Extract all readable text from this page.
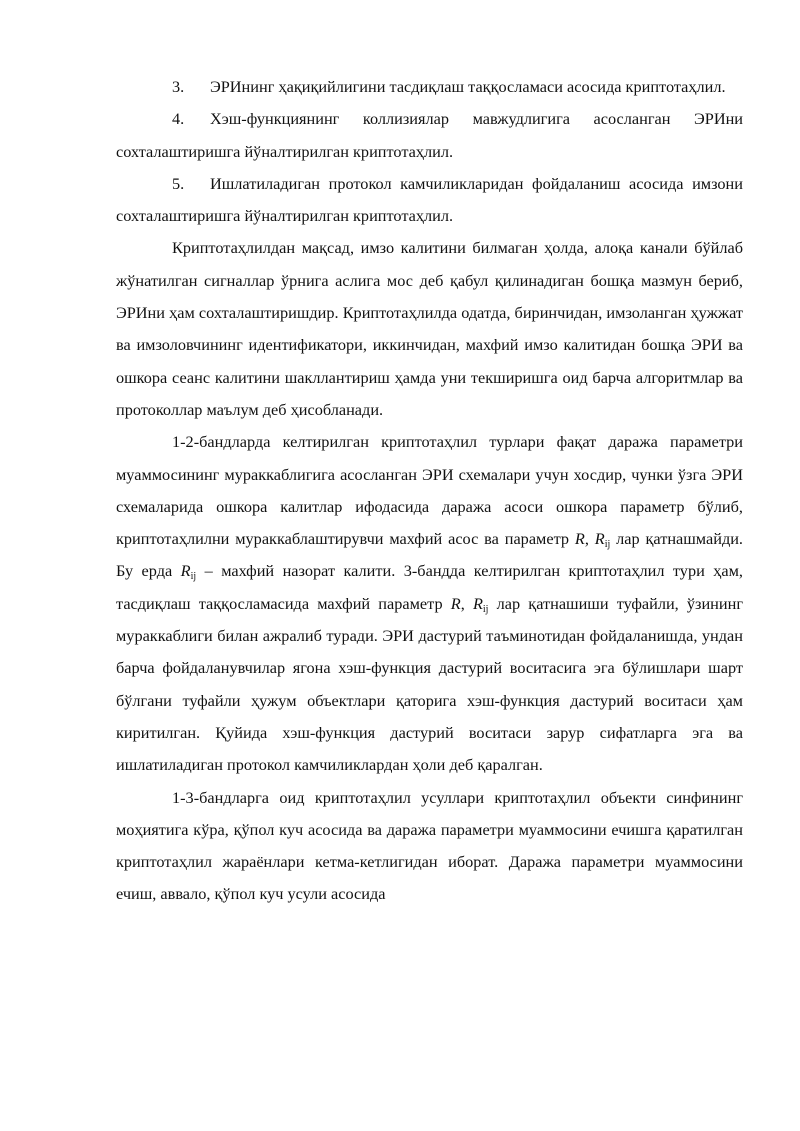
3. ЭРИнинг ҳақиқийлигини тасдиқлаш таққосламаси асосида криптотаҳлил.

4. Хэш-функциянинг коллизиялар мавжудлигига асосланган ЭРИни сохталаштиришга йўналтирилган криптотаҳлил.

5. Ишлатиладиган протокол камчиликларидан фойдаланиш асосида имзони сохталаштиришга йўналтирилган криптотаҳлил.

Криптотаҳлилдан мақсад, имзо калитини билмаган ҳолда, алоқа канали бўйлаб жўнатилган сигналлар ўрнига аслига мос деб қабул қилинадиган бошқа мазмун бериб, ЭРИни ҳам сохталаштиришдир. Криптотаҳлилда одатда, биринчидан, имзоланган ҳужжат ва имзоловчининг идентификатори, иккинчидан, махфий имзо калитидан бошқа ЭРИ ва ошкора сеанс калитини шакллантириш ҳамда уни текширишга оид барча алгоритмлар ва протоколлар маълум деб ҳисобланади.

1-2-бандларда келтирилган криптотаҳлил турлари фақат даража параметри муаммосининг мураккаблигига асосланган ЭРИ схемалари учун хосдир, чунки ўзга ЭРИ схемаларида ошкора калитлар ифодасида даража асоси ошкора параметр бўлиб, криптотаҳлилни мураккаблаштирувчи махфий асос ва параметр R, $R_{ij}$ лар қатнашмайди. Бу ерда $R_{ij}$ – махфий назорат калити. 3-бандда келтирилган криптотаҳлил тури ҳам, тасдиқлаш таққосламасида махфий параметр R, $R_{ij}$ лар қатнашиши туфайли, ўзининг мураккаблиги билан ажралиб туради. ЭРИ дастурий таъминотидан фойдаланишда, ундан барча фойдаланувчилар ягона хэш-функция дастурий воситасига эга бўлишлари шарт бўлгани туфайли ҳужум объектлари қаторига хэш-функция дастурий воситаси ҳам киритилган. Қуйида хэш-функция дастурий воситаси зарур сифатларга эга ва ишлатиладиган протокол камчиликлардан ҳоли деб қаралган.

1-3-бандларга оид криптотаҳлил усуллари криптотаҳлил объекти синфининг моҳиятига кўра, қўпол куч асосида ва даража параметри муаммосини ечишга қаратилган криптотаҳлил жараёнлари кетма-кетлигидан иборат. Даража параметри муаммосини ечиш, аввало, қўпол куч усули асосида
